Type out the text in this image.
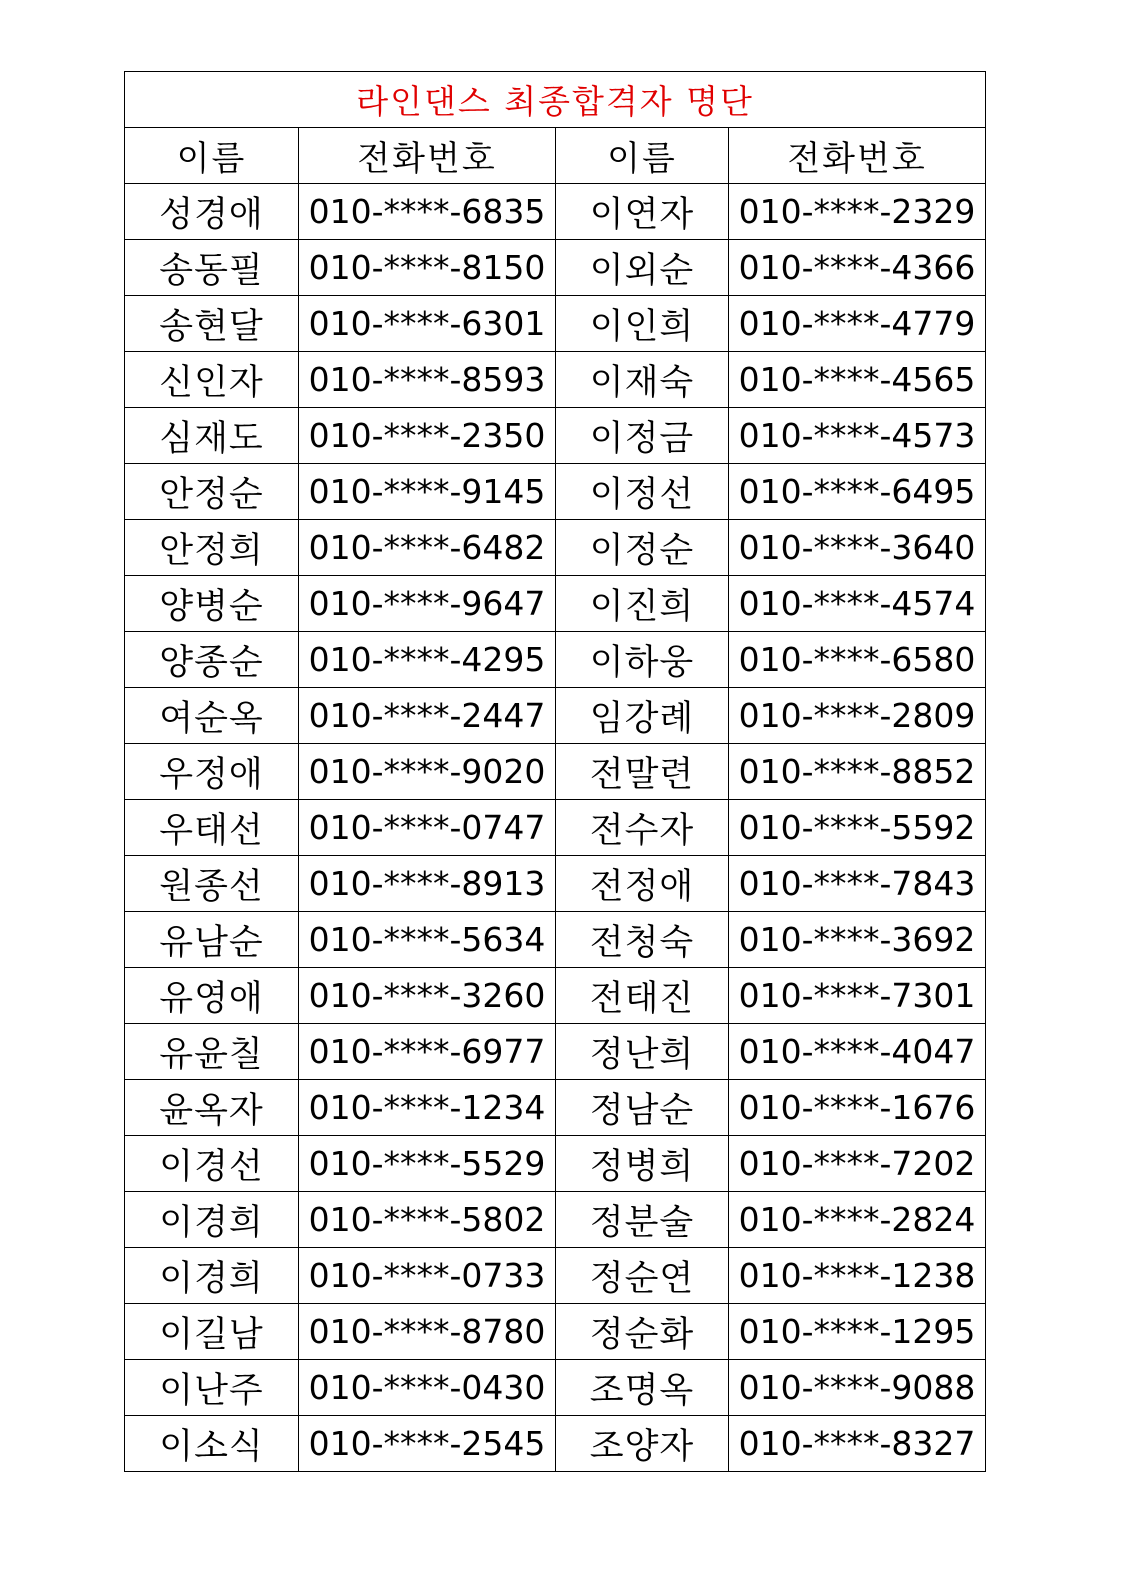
라인댄스 최종합격자 명단			
이름	전화번호	이름	전화번호
성경애	010-****-6835	이연자	010-****-2329
송동필	010-****-8150	이외순	010-****-4366
송현달	010-****-6301	이인희	010-****-4779
신인자	010-****-8593	이재숙	010-****-4565
심재도	010-****-2350	이정금	010-****-4573
안정순	010-****-9145	이정선	010-****-6495
안정희	010-****-6482	이정순	010-****-3640
양병순	010-****-9647	이진희	010-****-4574
양종순	010-****-4295	이하웅	010-****-6580
여순옥	010-****-2447	임강례	010-****-2809
우정애	010-****-9020	전말련	010-****-8852
우태선	010-****-0747	전수자	010-****-5592
원종선	010-****-8913	전정애	010-****-7843
유남순	010-****-5634	전청숙	010-****-3692
유영애	010-****-3260	전태진	010-****-7301
유윤칠	010-****-6977	정난희	010-****-4047
윤옥자	010-****-1234	정남순	010-****-1676
이경선	010-****-5529	정병희	010-****-7202
이경희	010-****-5802	정분술	010-****-2824
이경희	010-****-0733	정순연	010-****-1238
이길남	010-****-8780	정순화	010-****-1295
이난주	010-****-0430	조명옥	010-****-9088
이소식	010-****-2545	조양자	010-****-8327
